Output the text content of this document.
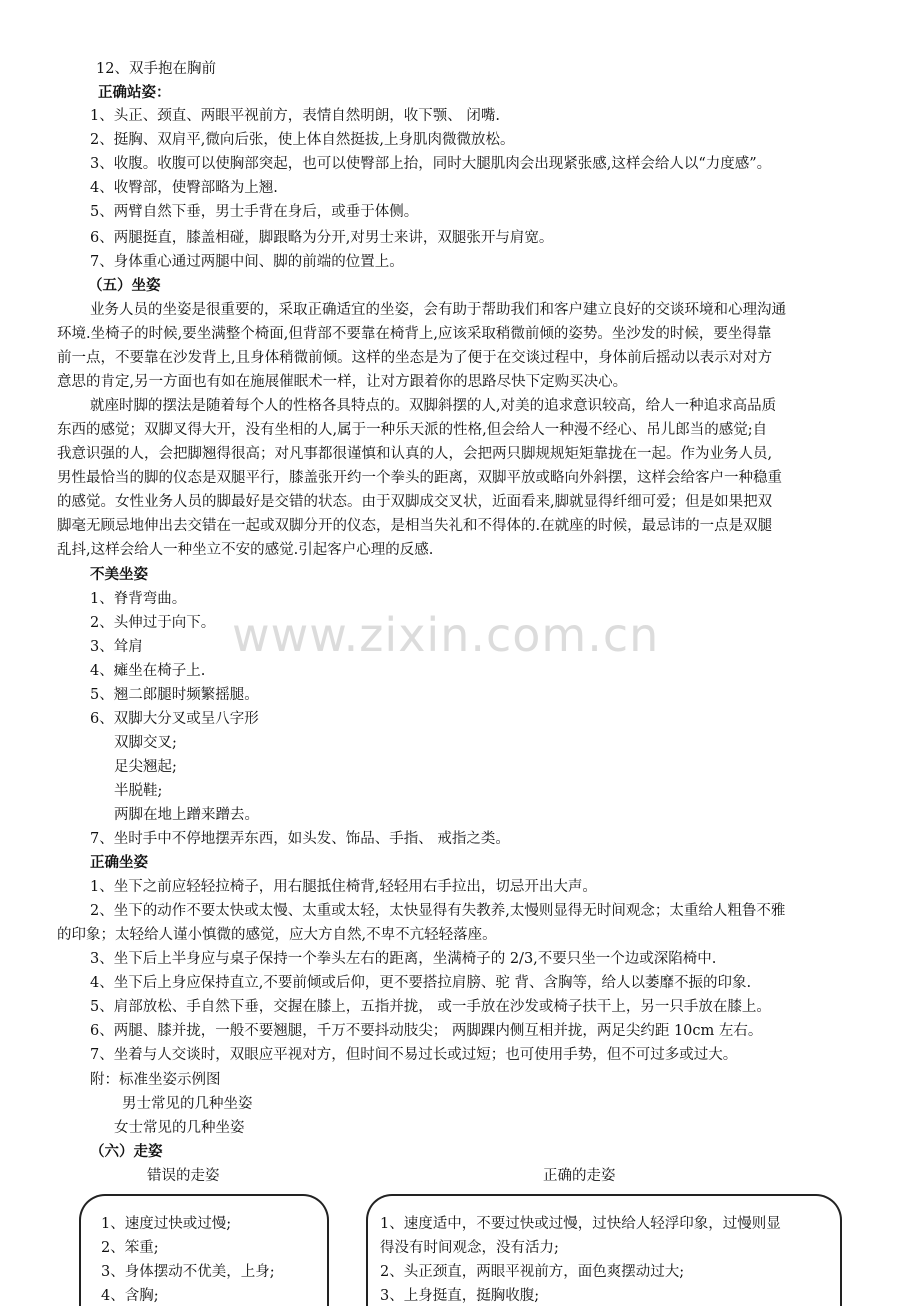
www.zixin.com.cn
12、双手抱在胸前
正确站姿：
1、头正、颈直、两眼平视前方，表情自然明朗，收下颚、 闭嘴.
2、挺胸、双肩平,微向后张，使上体自然挺拔,上身肌肉微微放松。
3、收腹。收腹可以使胸部突起，也可以使臀部上抬，同时大腿肌肉会出现紧张感,这样会给人以“力度感”。
4、收臀部，使臀部略为上翘.
5、两臂自然下垂，男士手背在身后，或垂于体侧。
6、两腿挺直，膝盖相碰，脚跟略为分开,对男士来讲，双腿张开与肩宽。
7、身体重心通过两腿中间、脚的前端的位置上。
（五）坐姿
业务人员的坐姿是很重要的，采取正确适宜的坐姿，会有助于帮助我们和客户建立良好的交谈环境和心理沟通
环境.坐椅子的时候,要坐满整个椅面,但背部不要靠在椅背上,应该采取稍微前倾的姿势。坐沙发的时候，要坐得靠
前一点，不要靠在沙发背上,且身体稍微前倾。这样的坐态是为了便于在交谈过程中，身体前后摇动以表示对对方
意思的肯定,另一方面也有如在施展催眠术一样，让对方跟着你的思路尽快下定购买决心。
就座时脚的摆法是随着每个人的性格各具特点的。双脚斜摆的人,对美的追求意识较高，给人一种追求高品质
东西的感觉；双脚叉得大开，没有坐相的人,属于一种乐天派的性格,但会给人一种漫不经心、吊儿郎当的感觉;自
我意识强的人，会把脚翘得很高；对凡事都很谨慎和认真的人，会把两只脚规规矩矩靠拢在一起。作为业务人员,
男性最恰当的脚的仪态是双腿平行，膝盖张开约一个拳头的距离，双脚平放或略向外斜摆，这样会给客户一种稳重
的感觉。女性业务人员的脚最好是交错的状态。由于双脚成交叉状，近面看来,脚就显得纤细可爱；但是如果把双
脚毫无顾忌地伸出去交错在一起或双脚分开的仪态，是相当失礼和不得体的.在就座的时候，最忌讳的一点是双腿
乱抖,这样会给人一种坐立不安的感觉.引起客户心理的反感.
不美坐姿
1、脊背弯曲。
2、头伸过于向下。
3、耸肩
4、瘫坐在椅子上.
5、翘二郎腿时频繁摇腿。
6、双脚大分叉或呈八字形
双脚交叉;
足尖翘起;
半脱鞋;
两脚在地上蹭来蹭去。
7、坐时手中不停地摆弄东西，如头发、饰品、手指、 戒指之类。
正确坐姿
1、坐下之前应轻轻拉椅子，用右腿抵住椅背,轻轻用右手拉出，切忌开出大声。
2、坐下的动作不要太快或太慢、太重或太轻，太快显得有失教养,太慢则显得无时间观念；太重给人粗鲁不雅
的印象；太轻给人谨小慎微的感觉，应大方自然,不卑不亢轻轻落座。
3、坐下后上半身应与桌子保持一个拳头左右的距离，坐满椅子的 2/3,不要只坐一个边或深陷椅中.
4、坐下后上身应保持直立,不要前倾或后仰，更不要搭拉肩膀、驼 背、含胸等，给人以萎靡不振的印象.
5、肩部放松、手自然下垂，交握在膝上，五指并拢， 或一手放在沙发或椅子扶干上，另一只手放在膝上。
6、两腿、膝并拢，一般不要翘腿，千万不要抖动肢尖； 两脚踝内侧互相并拢，两足尖约距 10cm 左右。
7、坐着与人交谈时，双眼应平视对方，但时间不易过长或过短；也可使用手势，但不可过多或过大。
附：标准坐姿示例图
男士常见的几种坐姿
女士常见的几种坐姿
（六）走姿
错误的走姿	正确的走姿
1、速度过快或过慢;
2、笨重;
3、身体摆动不优美，上身;
4、含胸;
1、速度适中，不要过快或过慢，过快给人轻浮印象，过慢则显
得没有时间观念，没有活力;
2、头正颈直，两眼平视前方，面色爽摆动过大;
3、上身挺直，挺胸收腹;
